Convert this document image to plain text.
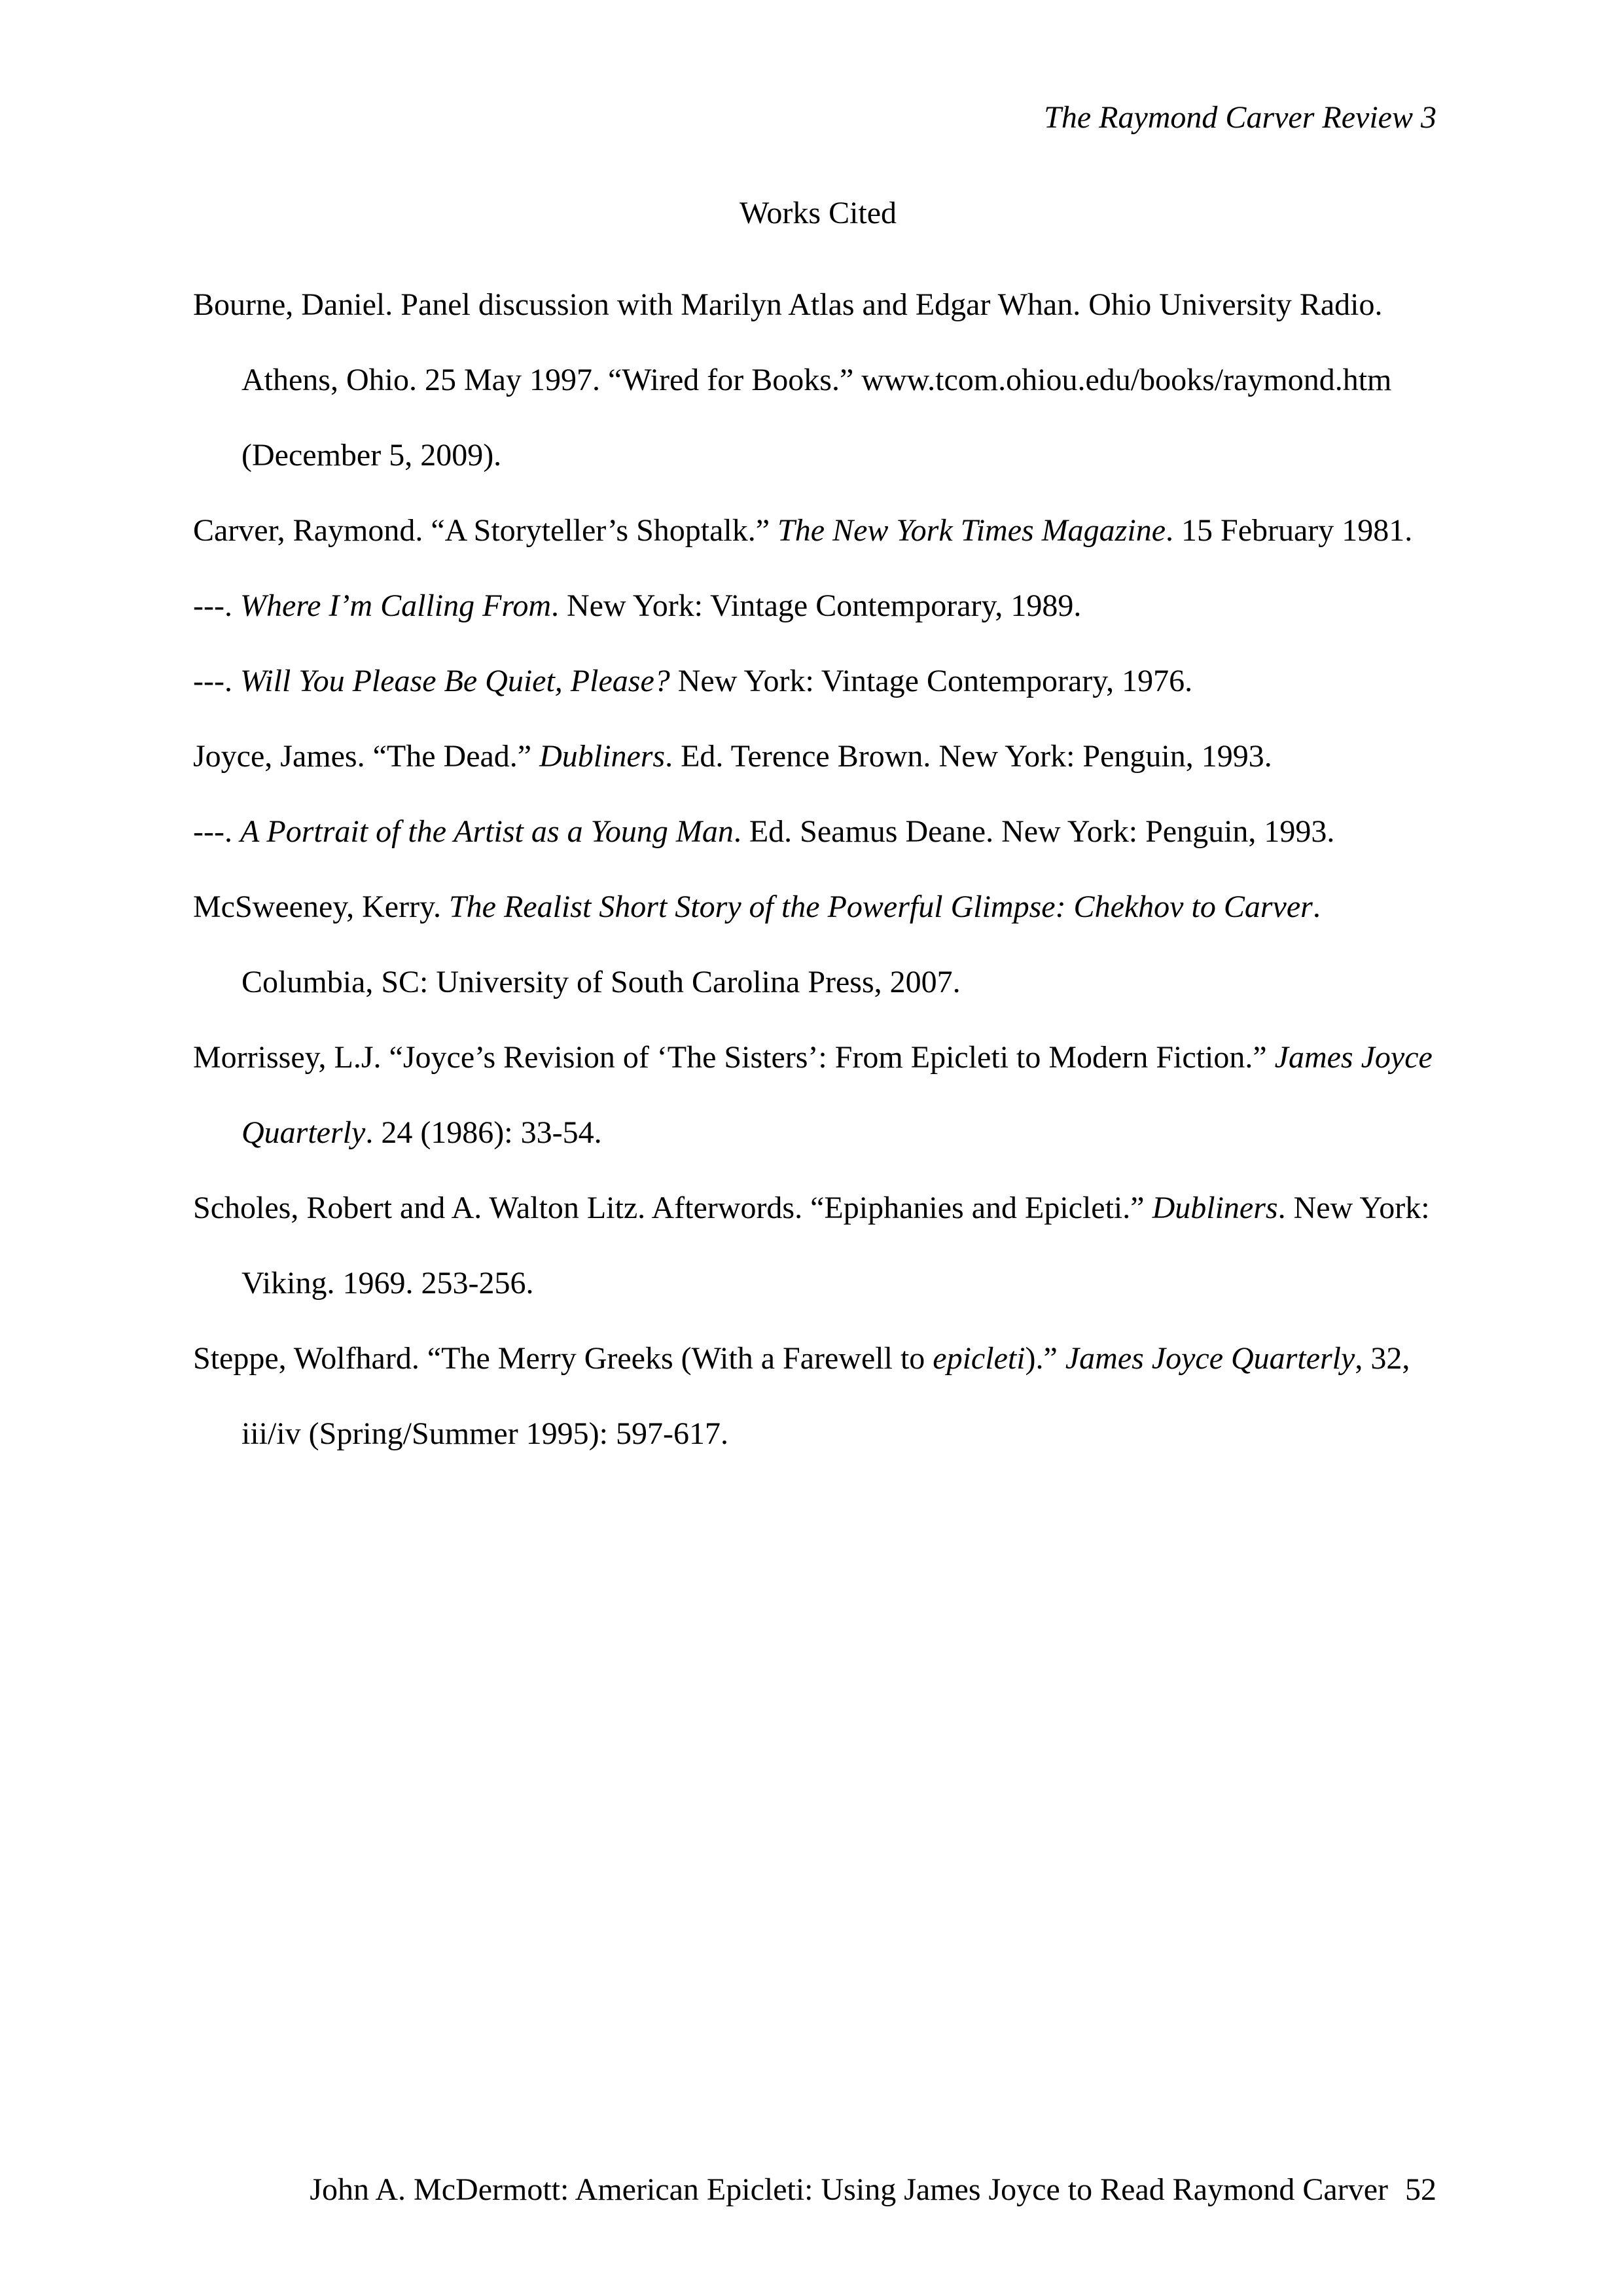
The Raymond Carver Review 3
Works Cited
Bourne, Daniel. Panel discussion with Marilyn Atlas and Edgar Whan. Ohio University Radio. Athens, Ohio. 25 May 1997. “Wired for Books.” www.tcom.ohiou.edu/books/raymond.htm (December 5, 2009).
Carver, Raymond. “A Storyteller’s Shoptalk.” The New York Times Magazine. 15 February 1981.
---. Where I’m Calling From. New York: Vintage Contemporary, 1989.
---. Will You Please Be Quiet, Please? New York: Vintage Contemporary, 1976.
Joyce, James. “The Dead.” Dubliners. Ed. Terence Brown. New York: Penguin, 1993.
---. A Portrait of the Artist as a Young Man. Ed. Seamus Deane. New York: Penguin, 1993.
McSweeney, Kerry. The Realist Short Story of the Powerful Glimpse: Chekhov to Carver. Columbia, SC: University of South Carolina Press, 2007.
Morrissey, L.J. “Joyce’s Revision of ‘The Sisters’: From Epicleti to Modern Fiction.” James Joyce Quarterly. 24 (1986): 33-54.
Scholes, Robert and A. Walton Litz. Afterwords. “Epiphanies and Epicleti.” Dubliners. New York: Viking. 1969. 253-256.
Steppe, Wolfhard. “The Merry Greeks (With a Farewell to epicleti).” James Joyce Quarterly, 32, iii/iv (Spring/Summer 1995): 597-617.
John A. McDermott: American Epicleti: Using James Joyce to Read Raymond Carver 52
